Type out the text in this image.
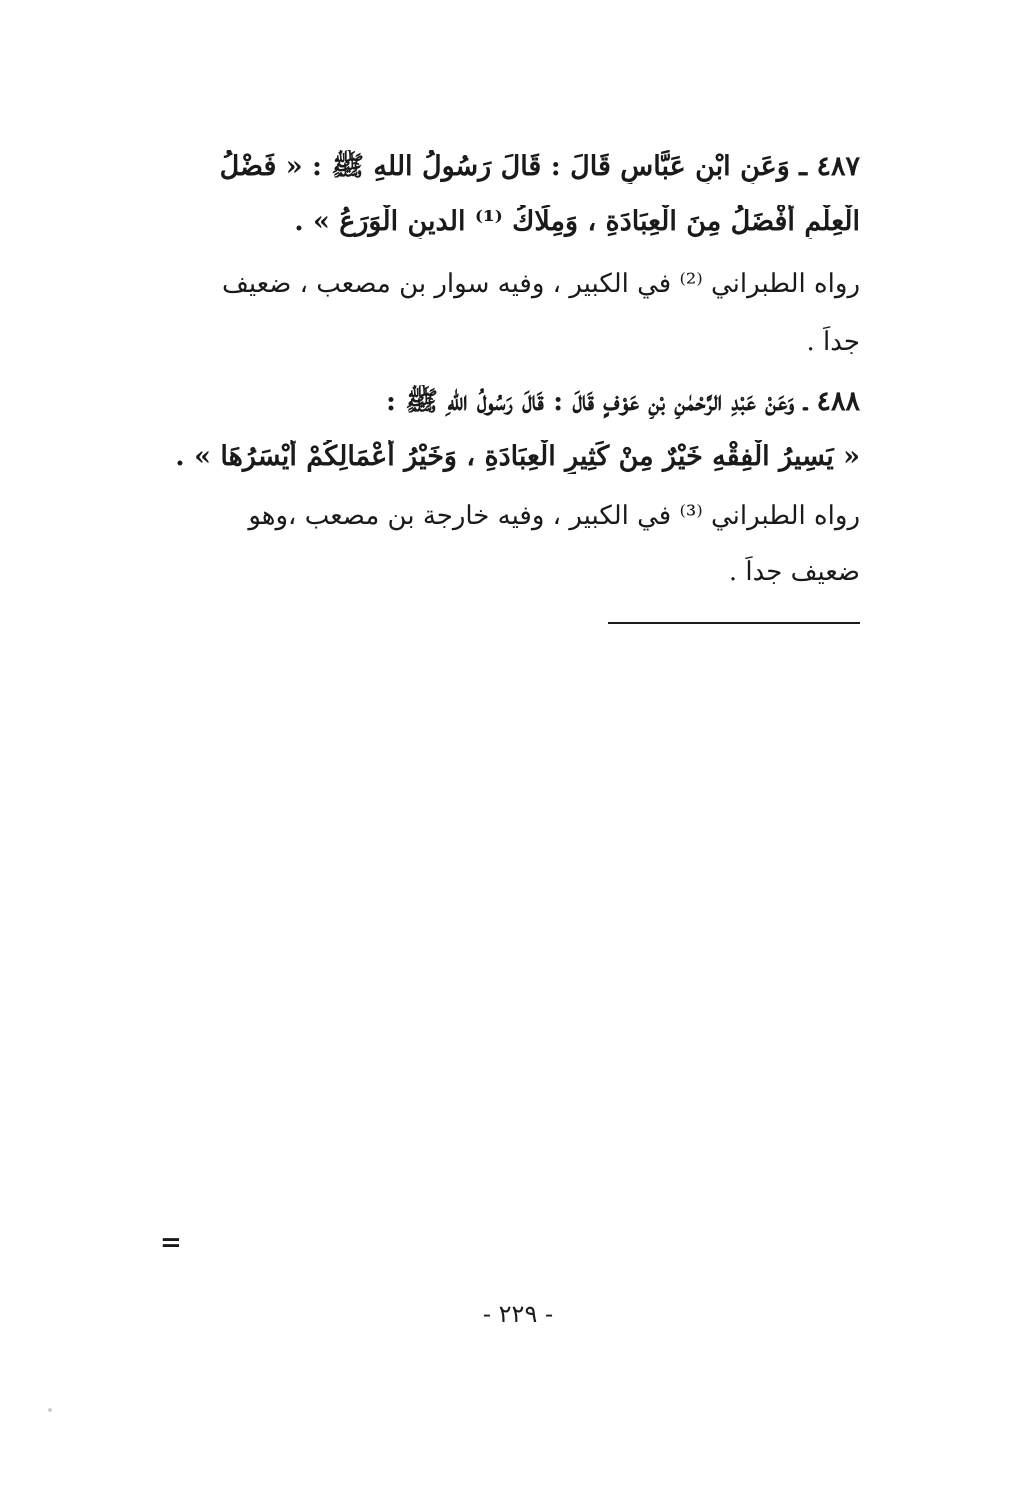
٤٨٧ ـ وَعَنِ ابْنِ عَبَّاسٍ قَالَ : قَالَ رَسُولُ اللهِ ﷺ : « فَضْلُ
الْعِلْمِ أَفْضَلُ مِنَ الْعِبَادَةِ ، وَمِلَاكُ ⁽¹⁾ الدينِ الْوَرَعُ » .
رواه الطبراني ⁽²⁾ في الكبير ، وفيه سوار بن مصعب ، ضعيف
جداً .
٤٨٨ ـ وَعَنْ عَبْدِ الرَّحْمٰنِ بْنِ عَوْفٍ قَالَ : قَالَ رَسُولُ اللهِ ﷺ :
« يَسِيرُ الْفِقْهِ خَيْرٌ مِنْ كَثِيرِ الْعِبَادَةِ ، وَخَيْرُ أَعْمَالِكُمْ أَيْسَرُهَا » .
رواه الطبراني ⁽³⁾ في الكبير ، وفيه خارجة بن مصعب ،وهو
ضعيف جداً .
=
- ٢٢٩ -
